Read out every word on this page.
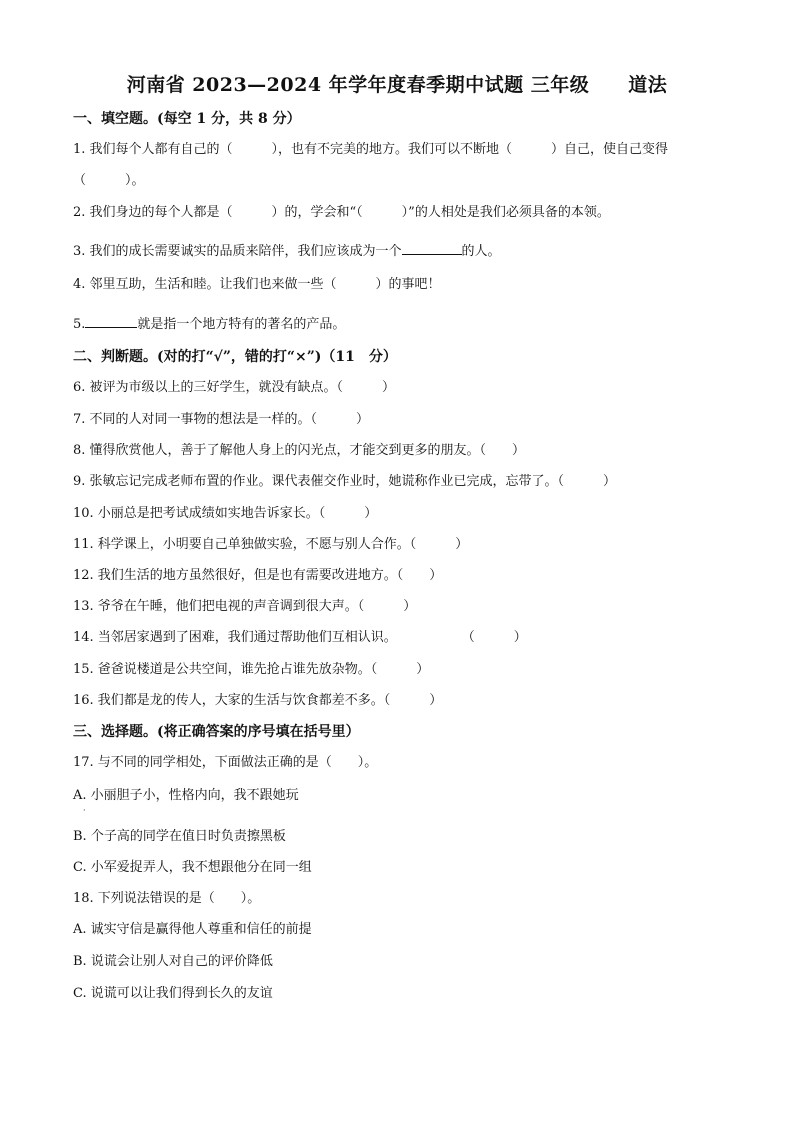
河南省 2023—2024 年学年度春季期中试题 三年级　　道法
一、填空题。(每空 1 分，共 8 分）
1. 我们每个人都有自己的（　　　），也有不完美的地方。我们可以不断地（　　　）自己，使自己变得
（　　　）。
2. 我们身边的每个人都是（　　　）的，学会和“（　　　）”的人相处是我们必须具备的本领。
3. 我们的成长需要诚实的品质来陪伴，我们应该成为一个	的人。
4. 邻里互助，生活和睦。让我们也来做一些（　　　）的事吧！
5.	就是指一个地方特有的著名的产品。
二、判断题。(对的打“√”，错的打“×”)（11　分）
6. 被评为市级以上的三好学生，就没有缺点。（　　　）
7. 不同的人对同一事物的想法是一样的。（　　　）
8. 懂得欣赏他人，善于了解他人身上的闪光点，才能交到更多的朋友。（　　）
9. 张敏忘记完成老师布置的作业。课代表催交作业时，她谎称作业已完成，忘带了。（　　　）
10. 小丽总是把考试成绩如实地告诉家长。（　　　）
11. 科学课上，小明要自己单独做实验，不愿与别人合作。（　　　）
12. 我们生活的地方虽然很好，但是也有需要改进地方。（　　）
13. 爷爷在午睡，他们把电视的声音调到很大声。（　　　）
14. 当邻居家遇到了困难，我们通过帮助他们互相认识。　　　　　　（　　　）
15. 爸爸说楼道是公共空间，谁先抢占谁先放杂物。（　　　）
16. 我们都是龙的传人，大家的生活与饮食都差不多。（　　　）
三、选择题。(将正确答案的序号填在括号里）
17. 与不同的同学相处，下面做法正确的是（　　）。
A. 小丽胆子小，性格内向，我不跟她玩
·
B. 个子高的同学在值日时负责擦黑板
C. 小军爱捉弄人，我不想跟他分在同一组
18. 下列说法错误的是（　　）。
A. 诚实守信是赢得他人尊重和信任的前提
B. 说谎会让别人对自己的评价降低
C. 说谎可以让我们得到长久的友谊
